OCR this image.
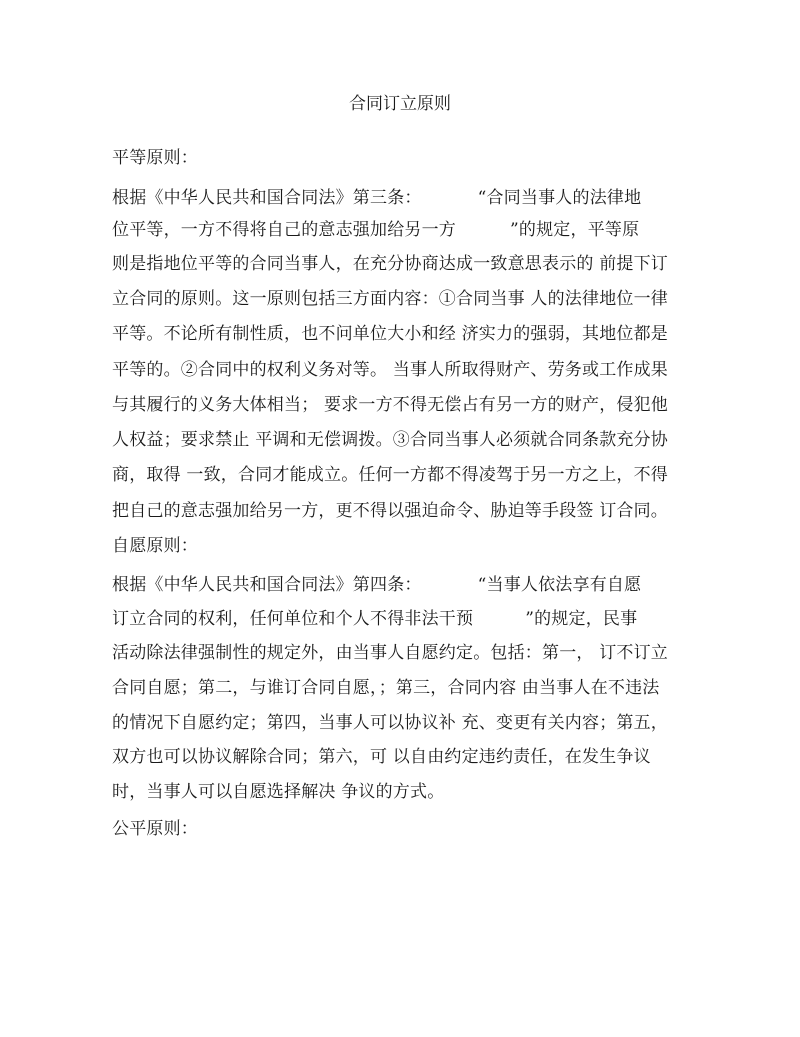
合同订立原则
平等原则：
根据《中华人民共和国合同法》第三条：	“合同当事人的法律地
位平等，一方不得将自己的意志强加给另一方	”的规定，平等原
则是指地位平等的合同当事人，在充分协商达成一致意思表示的 前提下订
立合同的原则。这一原则包括三方面内容：①合同当事 人的法律地位一律
平等。不论所有制性质，也不问单位大小和经 济实力的强弱，其地位都是
平等的。②合同中的权利义务对等。 当事人所取得财产、劳务或工作成果
与其履行的义务大体相当； 要求一方不得无偿占有另一方的财产，侵犯他
人权益；要求禁止 平调和无偿调拨。③合同当事人必须就合同条款充分协
商，取得 一致，合同才能成立。任何一方都不得凌驾于另一方之上，不得
把自己的意志强加给另一方，更不得以强迫命令、胁迫等手段签 订合同。
自愿原则：
根据《中华人民共和国合同法》第四条：	“当事人依法享有自愿
订立合同的权利，任何单位和个人不得非法干预	”的规定，民事
活动除法律强制性的规定外，由当事人自愿约定。包括：第一， 订不订立
合同自愿；第二，与谁订合同自愿，；第三，合同内容 由当事人在不违法
的情况下自愿约定；第四，当事人可以协议补 充、变更有关内容；第五，
双方也可以协议解除合同；第六，可 以自由约定违约责任，在发生争议
时，当事人可以自愿选择解决 争议的方式。
公平原则：
